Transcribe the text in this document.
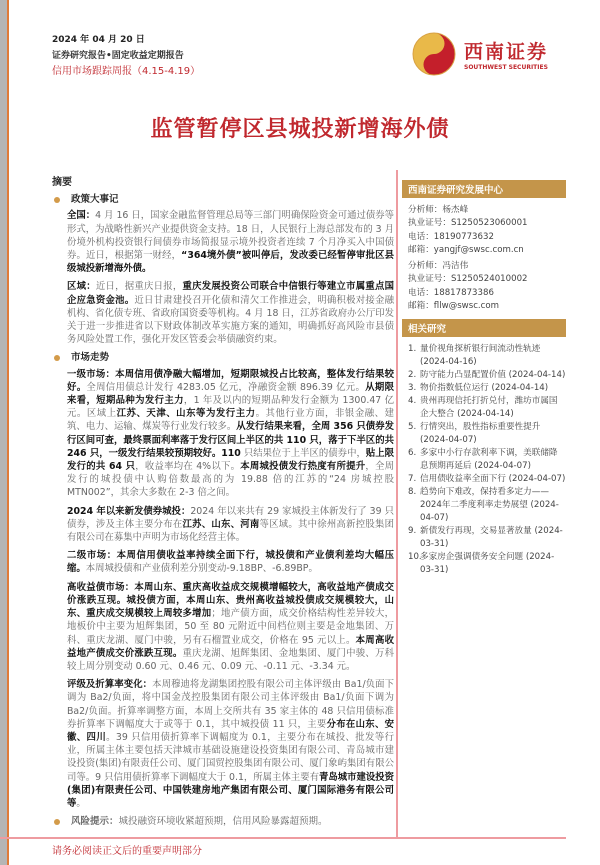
2024 年 04 月 20 日
证券研究报告•固定收益定期报告
信用市场跟踪周报（4.15-4.19）
西南证券
SOUTHWEST SECURITIES
监管暂停区县城投新增海外债
摘要
政策大事记

全国：4 月 16 日，国家金融监督管理总局等三部门明确保险资金可通过债券等形式，为战略性新兴产业提供资金支持。18 日，人民银行上海总部发布的 3 月份境外机构投资银行间债券市场简报显示境外投资者连续 7 个月净买入中国债券。近日，根据第一财经，“364境外债”被叫停后，发改委已经暂停审批区县级城投新增海外债。

区域：近日，据重庆日报，重庆发展投资公司联合中信银行等建立市属重点国企应急资金池。近日甘肃建投召开化债和清欠工作推进会，明确积极对接金融机构、省化债专班、省政府国资委等机构。4 月 18 日，江苏省政府办公厅印发关于进一步推进省以下财政体制改革实施方案的通知，明确抓好高风险市县债务风险处置工作，强化开发区管委会举债融资约束。

市场走势

一级市场：本周信用债净融大幅增加，短期限城投占比较高，整体发行结果较好。全周信用债总计发行 4283.05 亿元，净融资金额 896.39 亿元。从期限来看，短期品种为发行主力，1 年及以内的短期品种发行金额为 1300.47 亿元。区域上江苏、天津、山东等为发行主力。其他行业方面，非银金融、建筑、电力、运输、煤炭等行业发行较多。从发行结果来看，全周 356 只债券发行区间可查，最终票面利率落于发行区间上半区的共 110 只，落于下半区的共 246 只，一级发行结果较预期较好。110 只结果位于上半区的债券中，贴上限发行的共 64 只，收益率均在 4%以下。本周城投债发行热度有所提升，全周发行的城投债中认购倍数最高的为 19.88 倍的江苏的“24 房城控股 MTN002”，其余大多数在 2-3 倍之间。

2024 年以来新发债券城投：2024 年以来共有 29 家城投主体新发行了 39 只债券，涉及主体主要分布在江苏、山东、河南等区域。其中徐州高新控股集团有限公司在募集中声明为市场化经营主体。

二级市场：本周信用债收益率持续全面下行，城投债和产业债利差均大幅压缩。本周城投债和产业债利差分别变动-9.18BP、-6.89BP。

高收益债市场：本周山东、重庆高收益成交规模增幅较大，高收益地产债成交价涨跌互现。城投债方面，本周山东、贵州高收益城投债成交规模较大，山东、重庆成交规模较上周较多增加；地产债方面，成交价格结构性差异较大，地板价中主要为旭辉集团，50 至 80 元附近中间档位则主要是金地集团、万科、重庆龙湖、厦门中骏，另有石榴置业成交，价格在 95 元以上。本周高收益地产债成交价涨跌互现。重庆龙湖、旭辉集团、金地集团、厦门中骏、万科较上周分别变动 0.60 元、0.46 元、0.09 元、-0.11 元、-3.34 元。

评级及折算率变化：本周穆迪将龙湖集团控股有限公司主体评级由 Ba1/负面下调为 Ba2/负面，将中国金茂控股集团有限公司主体评级由 Ba1/负面下调为 Ba2/负面。折算率调整方面，本周上交所共有 35 家主体的 48 只信用债标准券折算率下调幅度大于或等于 0.1，其中城投债 11 只，主要分布在山东、安徽、四川。39 只信用债折算率下调幅度为 0.1，主要分布在城投、批发等行业，所属主体主要包括天津城市基础设施建设投资集团有限公司、青岛城市建设投资(集团)有限责任公司、厦门国贸控股集团有限公司、厦门象屿集团有限公司等。9 只信用债折算率下调幅度大于 0.1，所属主体主要有青岛城市建设投资(集团)有限责任公司、中国铁建房地产集团有限公司、厦门国际港务有限公司等。

风险提示：城投融资环境收紧超预期，信用风险暴露超预期。
请务必阅读正文后的重要声明部分
西南证券研究发展中心
分析师：杨杰峰
执业证号：S1250523060001
电话：18190773632
邮箱：yangjf@swsc.com.cn
分析师：冯洁伟
执业证号：S1250524010002
电话：18817873386
邮箱：fllw@swsc.com
相关研究
1. 量价视角探析银行间流动性轨迹 (2024-04-16)
2. 防守能力凸显配置价值 (2024-04-14)
3. 物价指数低位运行 (2024-04-14)
4. 贵州再现信托打折兑付，潍坊市属国企大整合 (2024-04-14)
5. 行情突出，股性指标重要性提升 (2024-04-07)
6. 多家中小行存款利率下调，美联储降息预期再延后 (2024-04-07)
7. 信用债收益率全面下行 (2024-04-07)
8. 趋势向下难改，保持看多定力——2024年二季度利率走势展望 (2024-04-07)
9. 新债发行再现，交易显著放量 (2024-03-31)
10.
多家房企强调债务安全问题 (2024-03-31)
